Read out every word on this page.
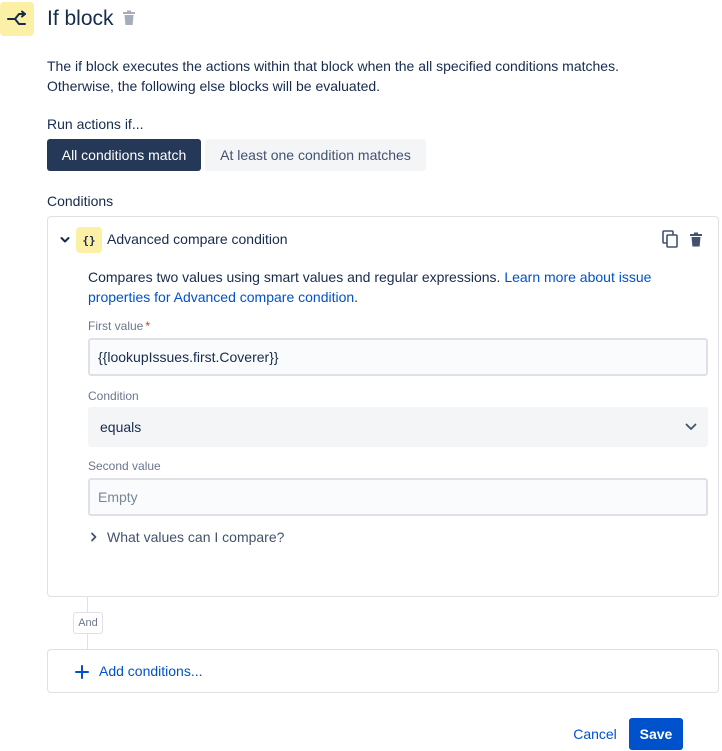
If block

The if block executes the actions within that block when the all specified conditions matches.

Otherwise, the following else blocks will be evaluated.

Run actions if...
All conditions match	At least one condition matches
Conditions
{} Advanced compare condition
Compares two values using smart values and regular expressions. Learn more about issue properties for Advanced compare condition.
First value *
{{lookupIssues.first.Coverer}}
Condition
equals
Second value
Empty
What values can I compare?
And
Add conditions...
Cancel	Save
